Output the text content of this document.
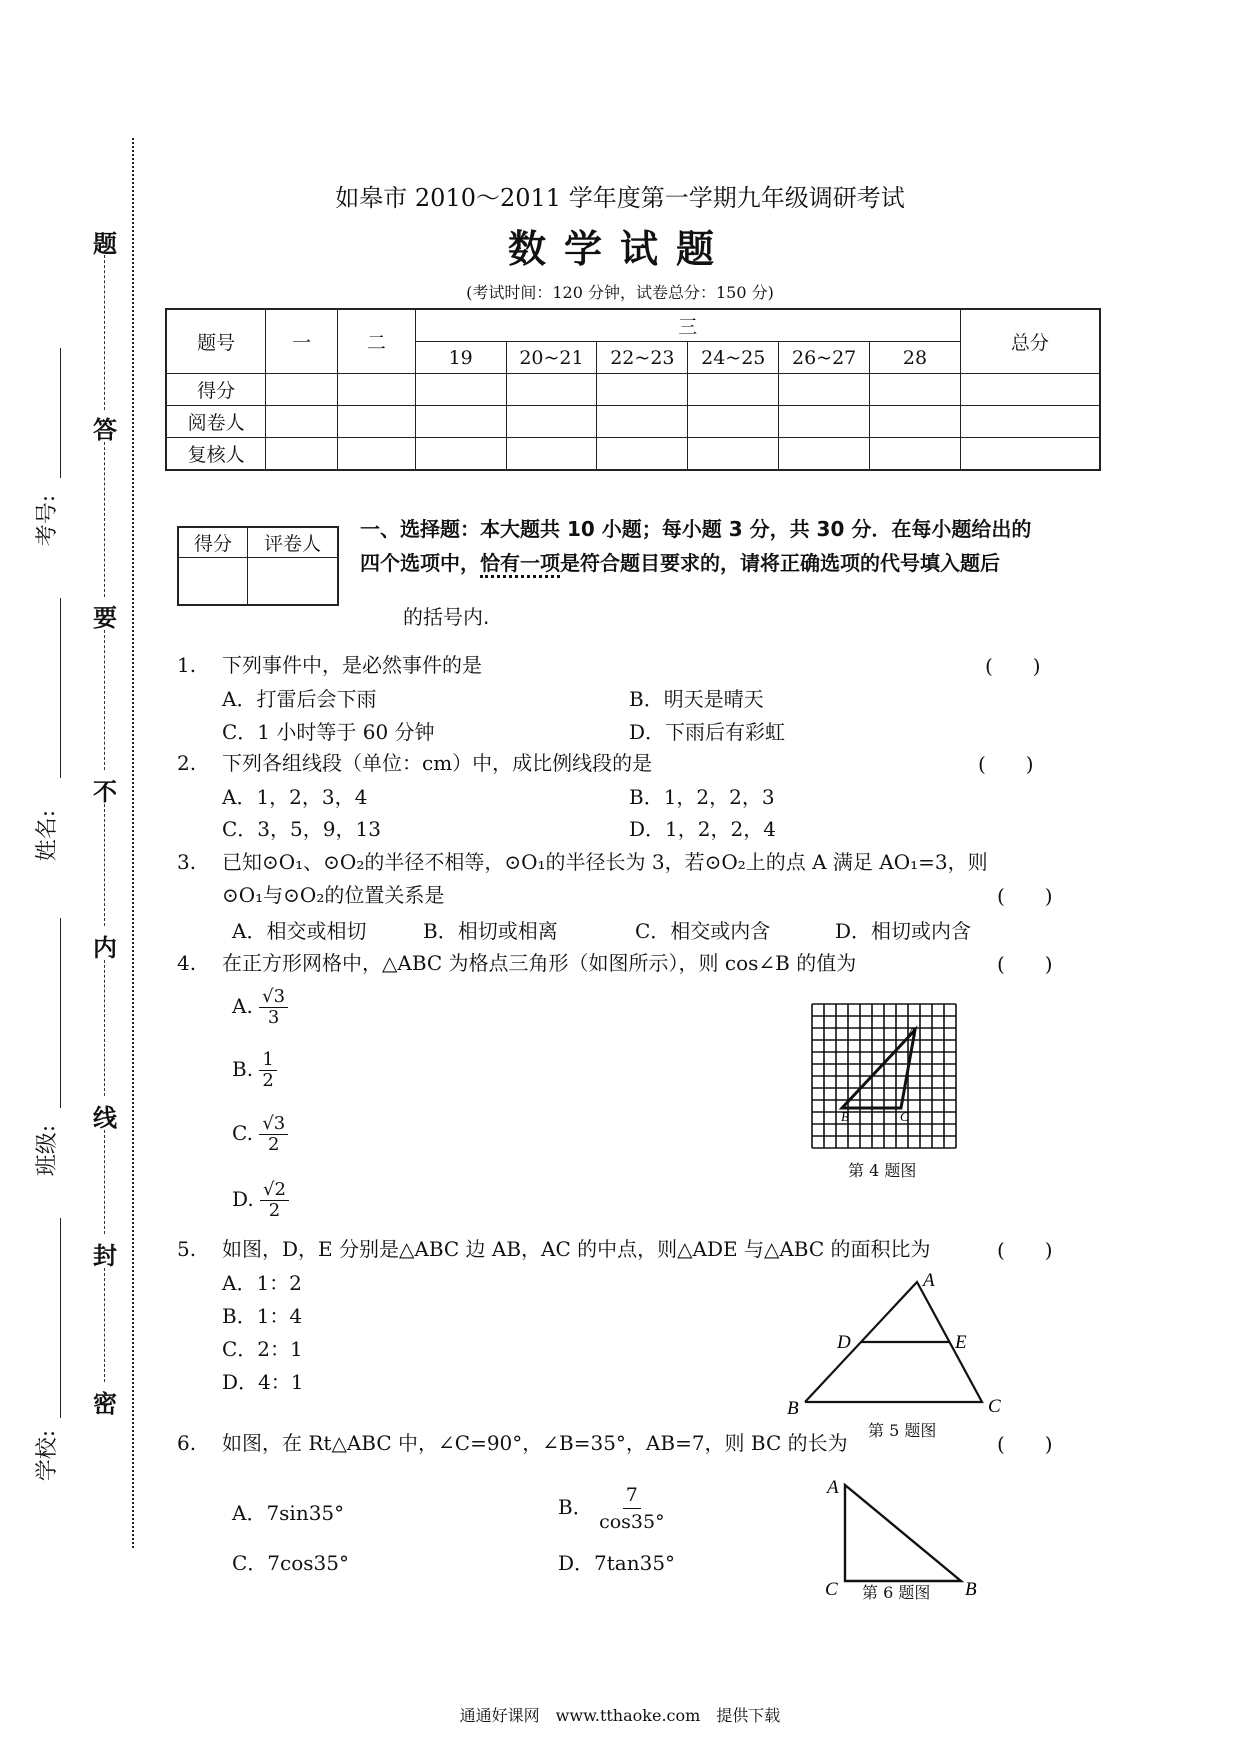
题
答
要
不
内
线
封
密
考号:
姓名:
班级:
学校:
如皋市 2010～2011 学年度第一学期九年级调研考试
数学试题
(考试时间：120 分钟，试卷总分：150 分)
题号	一	二	三						总分
			19	20~21	22~23	24~25	26~27	28	
得分									
阅卷人									
复核人									
得分	评卷人

一、选择题：本大题共 10 小题；每小题 3 分，共 30 分．在每小题给出的
四个选项中，恰有一项是符合题目要求的，请将正确选项的代号填入题后
的括号内.
1. 下列事件中，是必然事件的是	(　　)
A．打雷后会下雨	B．明天是晴天
C．1 小时等于 60 分钟	D．下雨后有彩虹
2. 下列各组线段（单位：cm）中，成比例线段的是	(　　)
A．1，2，3，4	B．1，2，2，3
C．3，5，9，13	D．1，2，2，4
3. 已知⊙O₁、⊙O₂的半径不相等，⊙O₁的半径长为 3，若⊙O₂上的点 A 满足 AO₁=3，则
⊙O₁与⊙O₂的位置关系是	(　　)
A．相交或相切	B．相切或相离	C．相交或内含	D．相切或内含
4. 在正方形网格中，△ABC 为格点三角形（如图所示），则 cos∠B 的值为	(　　)
A. $\frac{√3}{3}$
B. $\frac{1}{2}$
C. $\frac{√3}{2}$
D. $\frac{√2}{2}$
A
B	C
第 4 题图
5. 如图，D，E 分别是△ABC 边 AB，AC 的中点，则△ADE 与△ABC 的面积比为	(　　)
A．1：2
B．1：4
C．2：1
D．4：1
A
D	E
B	C
第 5 题图
6. 如图，在 Rt△ABC 中，∠C=90°，∠B=35°，AB=7，则 BC 的长为	(　　)
A．7sin35°	B． $\frac{7}{\cos 35^\circ}$
C．7cos35°	D．7tan35°
A
C	B
第 6 题图
通通好课网　www.tthaoke.com　提供下载
